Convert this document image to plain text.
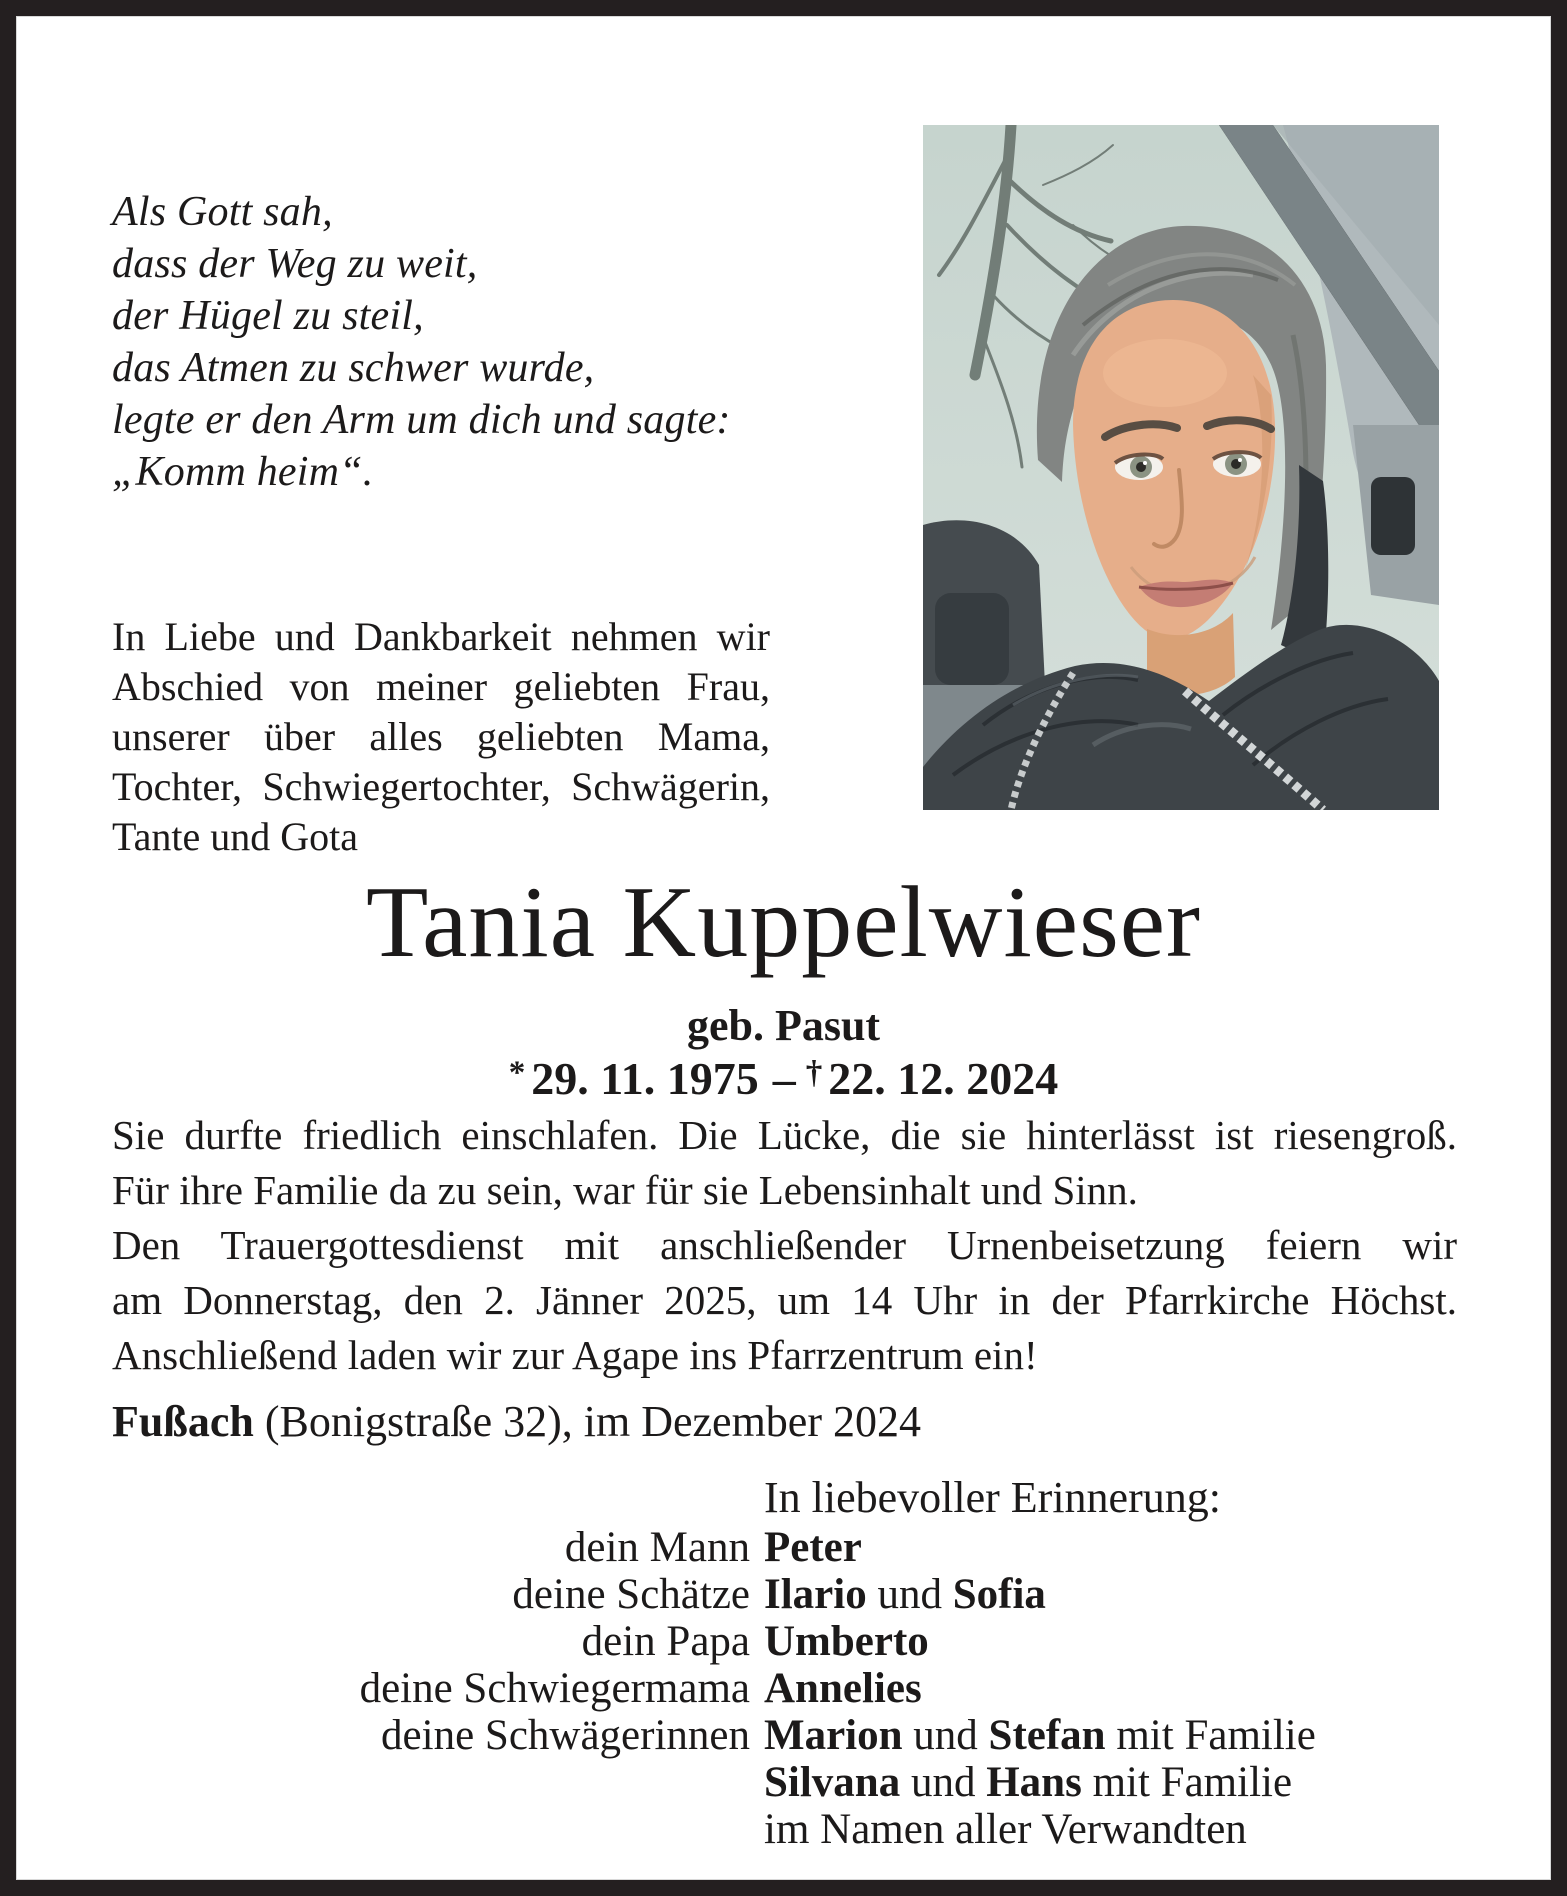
Als Gott sah,
dass der Weg zu weit,
der Hügel zu steil,
das Atmen zu schwer wurde,
legte er den Arm um dich und sagte:
„Komm heim“.
In Liebe und Dankbarkeit nehmen wir
Abschied von meiner geliebten Frau,
unserer über alles geliebten Mama,
Tochter, Schwiegertochter, Schwägerin,
Tante und Gota
Tania Kuppelwieser
geb. Pasut
* 29. 11. 1975 – † 22. 12. 2024
Sie durfte friedlich einschlafen. Die Lücke, die sie hinterlässt ist riesengroß.
Für ihre Familie da zu sein, war für sie Lebensinhalt und Sinn.
Den Trauergottesdienst mit anschließender Urnenbeisetzung feiern wir
am Donnerstag, den 2. Jänner 2025, um 14 Uhr in der Pfarrkirche Höchst.
Anschließend laden wir zur Agape ins Pfarrzentrum ein!
Fußach (Bonigstraße 32), im Dezember 2024
In liebevoller Erinnerung:
dein Mann Peter
deine Schätze Ilario und Sofia
dein Papa Umberto
deine Schwiegermama Annelies
deine Schwägerinnen Marion und Stefan mit Familie
Silvana und Hans mit Familie
im Namen aller Verwandten
